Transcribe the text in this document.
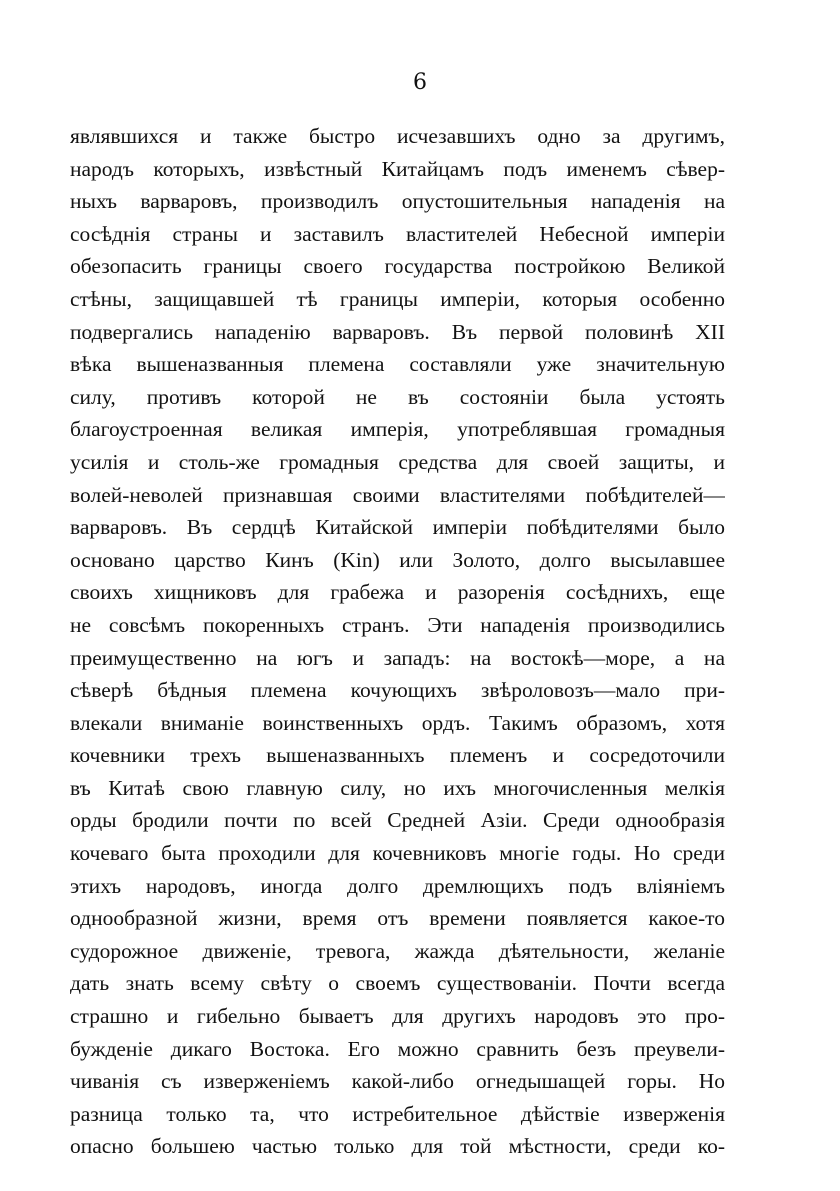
6
являвшихся и также быстро исчезавшихъ одно за другимъ,
народъ которыхъ, извѣстный Китайцамъ подъ именемъ сѣвер-
ныхъ варваровъ, производилъ опустошительныя нападенія на
сосѣднія страны и заставилъ властителей Небесной имперіи
обезопасить границы своего государства постройкою Великой
стѣны, защищавшей тѣ границы имперіи, которыя особенно
подвергались нападенію варваровъ. Въ первой половинѣ XII
вѣка вышеназванныя племена составляли уже значительную
силу, противъ которой не въ состояніи была устоять
благоустроенная великая имперія, употреблявшая громадныя
усилія и столь-же громадныя средства для своей защиты, и
волей-неволей признавшая своими властителями побѣдителей—
варваровъ. Въ сердцѣ Китайской имперіи побѣдителями было
основано царство Кинъ (Kin) или Золото, долго высылавшее
своихъ хищниковъ для грабежа и разоренія сосѣднихъ, еще
не совсѣмъ покоренныхъ странъ. Эти нападенія производились
преимущественно на югъ и западъ: на востокѣ—море, а на
сѣверѣ бѣдныя племена кочующихъ звѣроловозъ—мало при-
влекали вниманіе воинственныхъ ордъ. Такимъ образомъ, хотя
кочевники трехъ вышеназванныхъ племенъ и сосредоточили
въ Китаѣ свою главную силу, но ихъ многочисленныя мелкія
орды бродили почти по всей Средней Азіи. Среди однообразія
кочеваго быта проходили для кочевниковъ многіе годы. Но среди
этихъ народовъ, иногда долго дремлющихъ подъ вліяніемъ
однообразной жизни, время отъ времени появляется какое-то
судорожное движеніе, тревога, жажда дѣятельности, желаніе
дать знать всему свѣту о своемъ существованіи. Почти всегда
страшно и гибельно бываетъ для другихъ народовъ это про-
бужденіе дикаго Востока. Его можно сравнить безъ преувели-
чиванія съ изверженіемъ какой-либо огнедышащей горы. Но
разница только та, что истребительное дѣйствіе изверженія
опасно большею частью только для той мѣстности, среди ко-
